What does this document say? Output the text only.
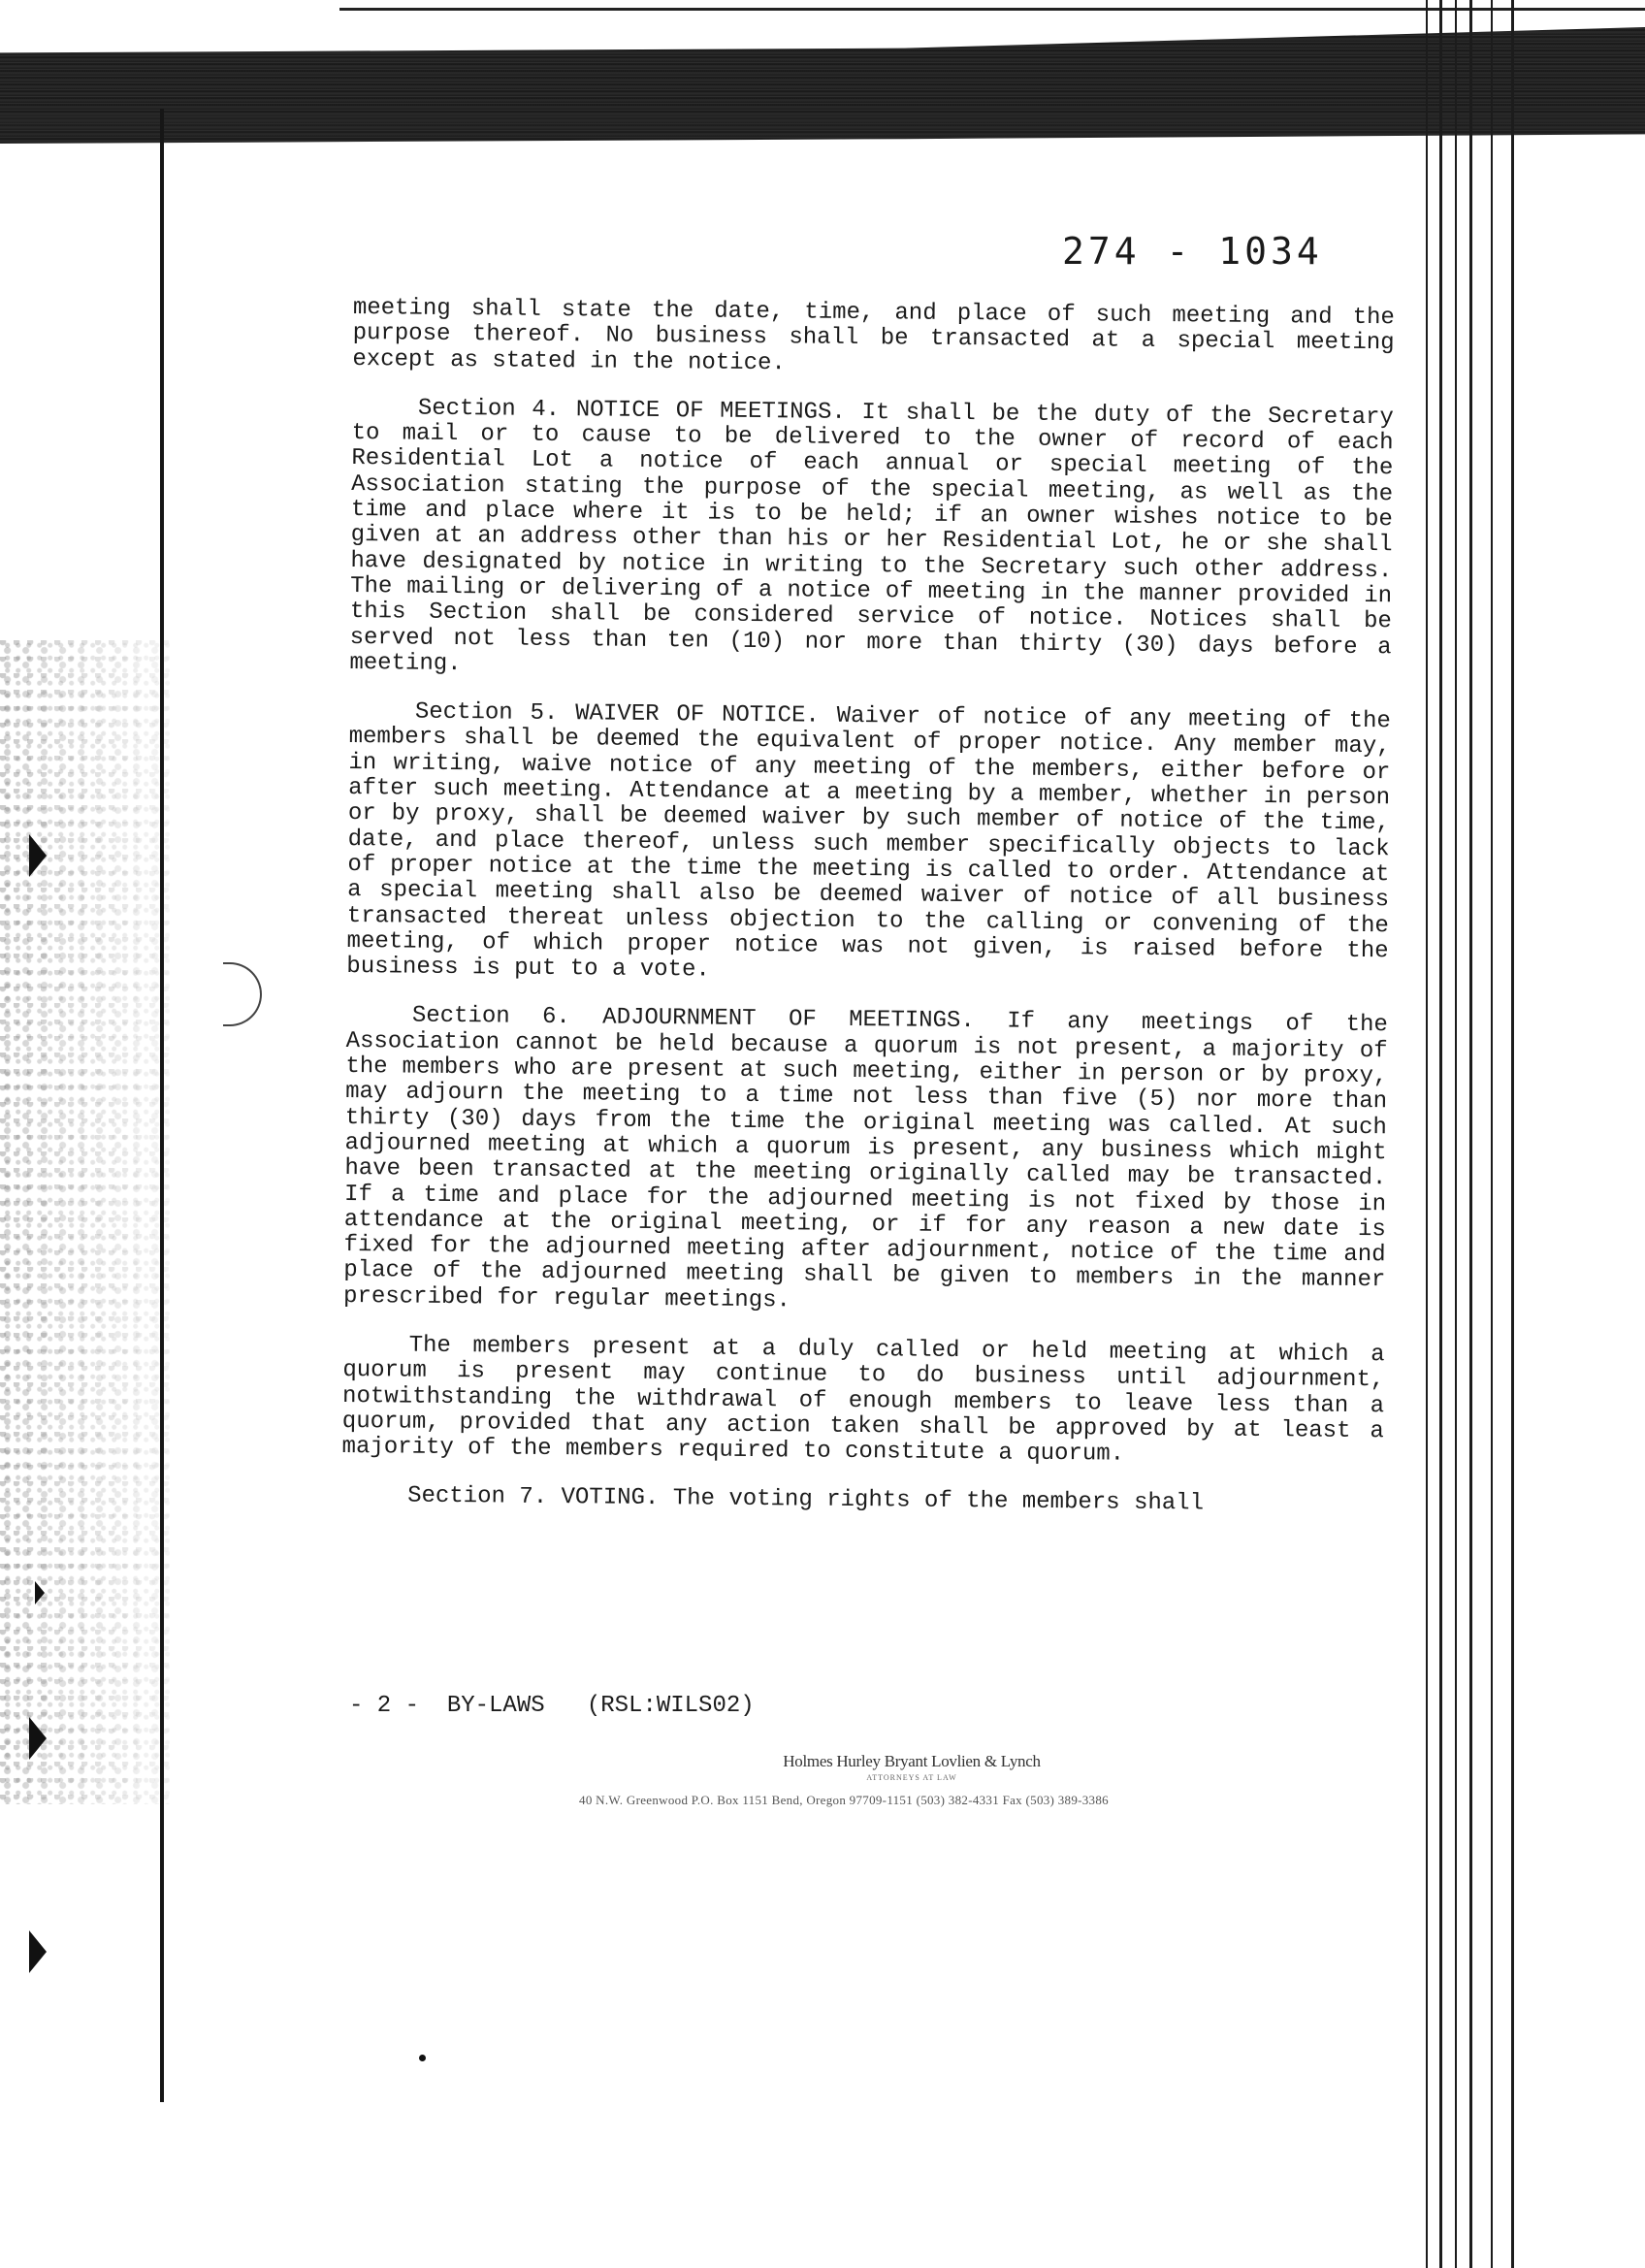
274 - 1034

meeting shall state the date, time, and place of such meeting and the purpose thereof. No business shall be transacted at a special meeting except as stated in the notice.

Section 4. NOTICE OF MEETINGS. It shall be the duty of the Secretary to mail or to cause to be delivered to the owner of record of each Residential Lot a notice of each annual or special meeting of the Association stating the purpose of the special meeting, as well as the time and place where it is to be held; if an owner wishes notice to be given at an address other than his or her Residential Lot, he or she shall have designated by notice in writing to the Secretary such other address. The mailing or delivering of a notice of meeting in the manner provided in this Section shall be considered service of notice. Notices shall be served not less than ten (10) nor more than thirty (30) days before a meeting.

Section 5. WAIVER OF NOTICE. Waiver of notice of any meeting of the members shall be deemed the equivalent of proper notice. Any member may, in writing, waive notice of any meeting of the members, either before or after such meeting. Attendance at a meeting by a member, whether in person or by proxy, shall be deemed waiver by such member of notice of the time, date, and place thereof, unless such member specifically objects to lack of proper notice at the time the meeting is called to order. Attendance at a special meeting shall also be deemed waiver of notice of all business transacted thereat unless objection to the calling or convening of the meeting, of which proper notice was not given, is raised before the business is put to a vote.

Section 6. ADJOURNMENT OF MEETINGS. If any meetings of the Association cannot be held because a quorum is not present, a majority of the members who are present at such meeting, either in person or by proxy, may adjourn the meeting to a time not less than five (5) nor more than thirty (30) days from the time the original meeting was called. At such adjourned meeting at which a quorum is present, any business which might have been transacted at the meeting originally called may be transacted. If a time and place for the adjourned meeting is not fixed by those in attendance at the original meeting, or if for any reason a new date is fixed for the adjourned meeting after adjournment, notice of the time and place of the adjourned meeting shall be given to members in the manner prescribed for regular meetings.

The members present at a duly called or held meeting at which a quorum is present may continue to do business until adjournment, notwithstanding the withdrawal of enough members to leave less than a quorum, provided that any action taken shall be approved by at least a majority of the members required to constitute a quorum.

Section 7. VOTING. The voting rights of the members shall

- 2 -  BY-LAWS   (RSL:WILS02)
Holmes Hurley Bryant Lovlien & Lynch
ATTORNEYS AT LAW
40 N.W. Greenwood P.O. Box 1151 Bend, Oregon 97709-1151 (503) 382-4331 Fax (503) 389-3386
